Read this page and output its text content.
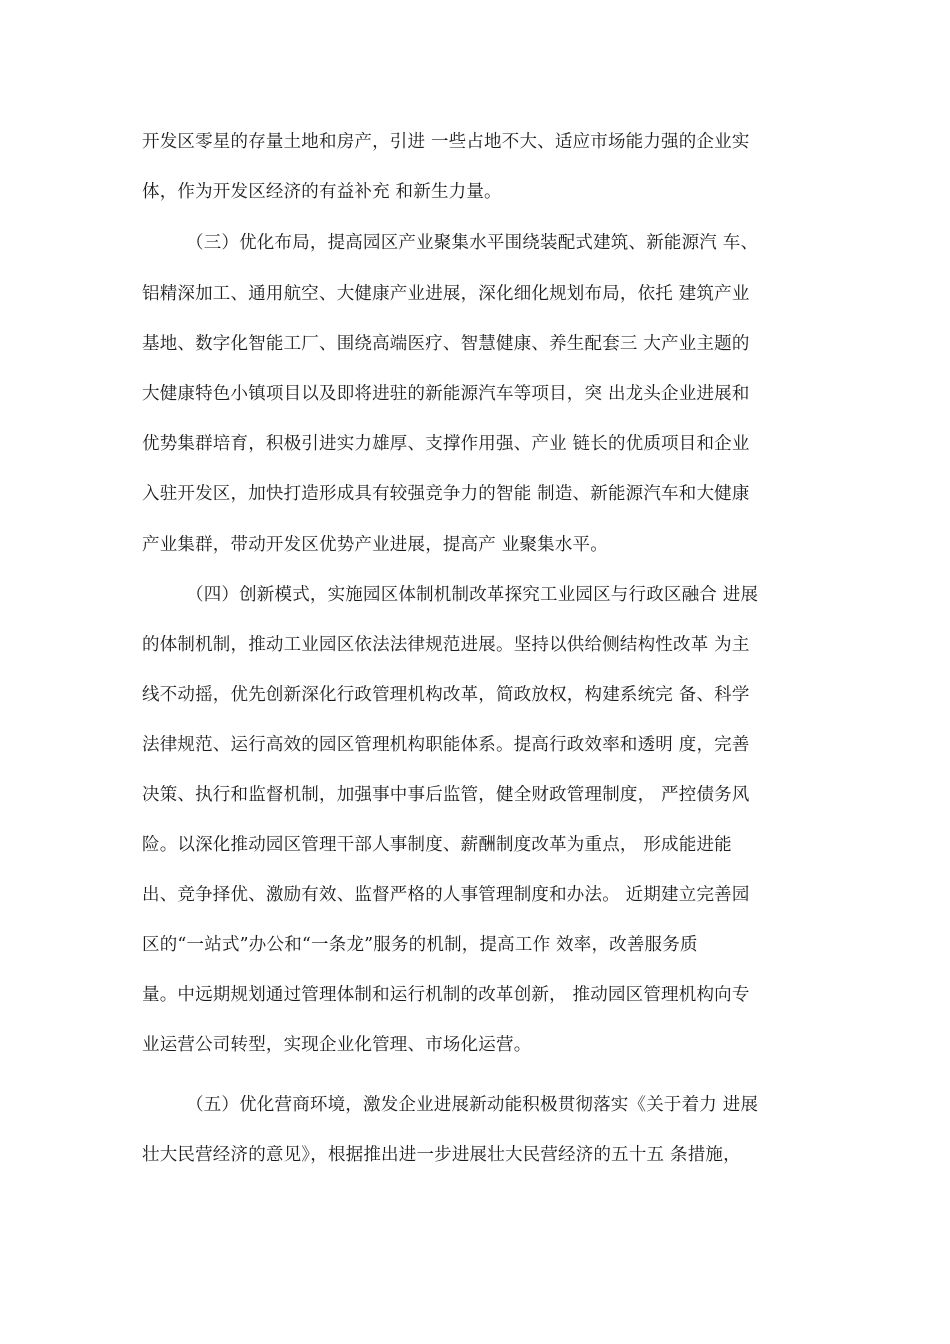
开发区零星的存量土地和房产，引进 一些占地不大、适应市场能力强的企业实
体，作为开发区经济的有益补充 和新生力量。
（三）优化布局，提高园区产业聚集水平围绕装配式建筑、新能源汽 车、
铝精深加工、通用航空、大健康产业进展，深化细化规划布局，依托 建筑产业
基地、数字化智能工厂、围绕高端医疗、智慧健康、养生配套三 大产业主题的
大健康特色小镇项目以及即将进驻的新能源汽车等项目，突 出龙头企业进展和
优势集群培育，积极引进实力雄厚、支撑作用强、产业 链长的优质项目和企业
入驻开发区，加快打造形成具有较强竞争力的智能 制造、新能源汽车和大健康
产业集群，带动开发区优势产业进展，提高产 业聚集水平。
（四）创新模式，实施园区体制机制改革探究工业园区与行政区融合 进展
的体制机制，推动工业园区依法法律规范进展。坚持以供给侧结构性改革 为主
线不动摇，优先创新深化行政管理机构改革，简政放权，构建系统完 备、科学
法律规范、运行高效的园区管理机构职能体系。提高行政效率和透明 度，完善
决策、执行和监督机制，加强事中事后监管，健全财政管理制度， 严控债务风
险。以深化推动园区管理干部人事制度、薪酬制度改革为重点， 形成能进能
出、竞争择优、激励有效、监督严格的人事管理制度和办法。 近期建立完善园
区的“一站式”办公和“一条龙”服务的机制，提高工作 效率，改善服务质
量。中远期规划通过管理体制和运行机制的改革创新， 推动园区管理机构向专
业运营公司转型，实现企业化管理、市场化运营。
（五）优化营商环境，激发企业进展新动能积极贯彻落实《关于着力 进展
壮大民营经济的意见》，根据推出进一步进展壮大民营经济的五十五 条措施，
